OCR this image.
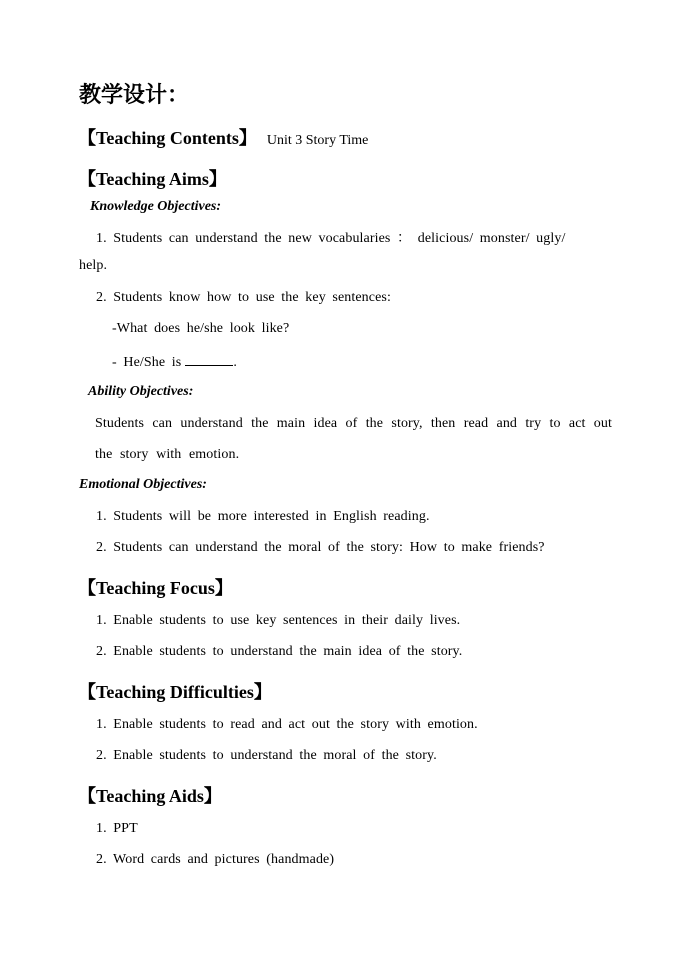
教学设计：
【Teaching Contents】 Unit 3 Story Time
【Teaching Aims】
Knowledge Objectives:
1. Students can understand the new vocabularies ： delicious/ monster/ ugly/
help.
2. Students know how to use the key sentences:
-What does he/she look like?
- He/She is	.
Ability Objectives:
Students can understand the main idea of the story, then read and try to act out the story with emotion.
Emotional Objectives:
1. Students will be more interested in English reading.
2. Students can understand the moral of the story: How to make friends?
【Teaching Focus】
1. Enable students to use key sentences in their daily lives.
2. Enable students to understand the main idea of the story.
【Teaching Difficulties】
1. Enable students to read and act out the story with emotion.
2. Enable students to understand the moral of the story.
【Teaching Aids】
1. PPT
2. Word cards and pictures (handmade)
